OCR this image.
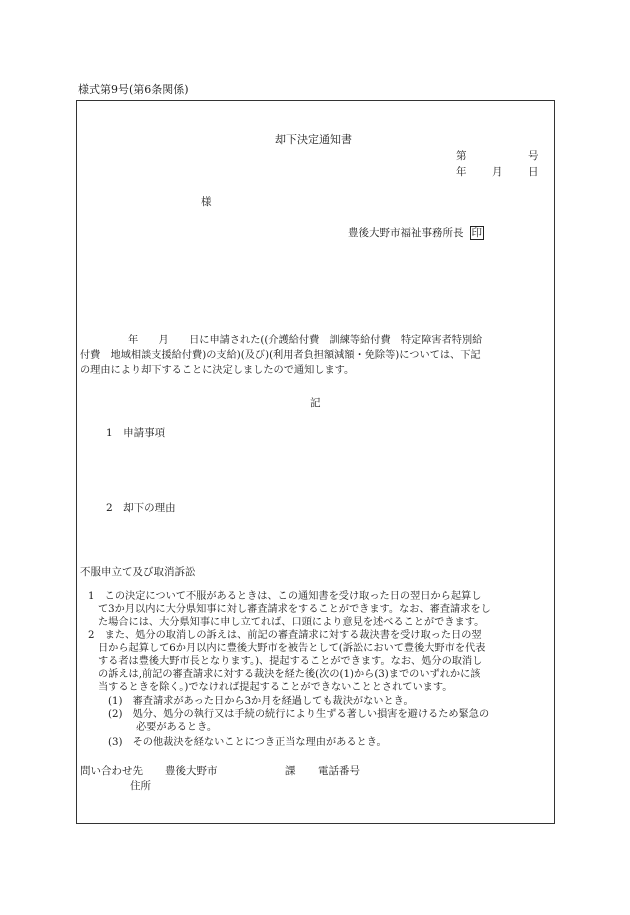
様式第9号(第6条関係)
却下決定通知書
第	号
年 月 日
様
豊後大野市福祉事務所長 印
年　　月　　日に申請された((介護給付費　訓練等給付費　特定障害者特別給
付費　地域相談支援給付費)の支給)(及び)(利用者負担額減額・免除等)については、下記
の理由により却下することに決定しましたので通知します。
記
1　申請事項
2　却下の理由
不服申立て及び取消訴訟
1　この決定について不服があるときは、この通知書を受け取った日の翌日から起算し
て3か月以内に大分県知事に対し審査請求をすることができます。なお、審査請求をし
た場合には、大分県知事に申し立てれば、口頭により意見を述べることができます。
2　また、処分の取消しの訴えは、前記の審査請求に対する裁決書を受け取った日の翌
日から起算して6か月以内に豊後大野市を被告として(訴訟において豊後大野市を代表
する者は豊後大野市長となります。)、提起することができます。なお、処分の取消し
の訴えは,前記の審査請求に対する裁決を経た後(次の(1)から(3)までのいずれかに該
当するときを除く。)でなければ提起することができないこととされています。
(1)　審査請求があった日から3か月を経過しても裁決がないとき。
(2)　処分、処分の執行又は手続の続行により生ずる著しい損害を避けるため緊急の
必要があるとき。
(3)　その他裁決を経ないことにつき正当な理由があるとき。
問い合わせ先 豊後大野市	課 電話番号
住所
